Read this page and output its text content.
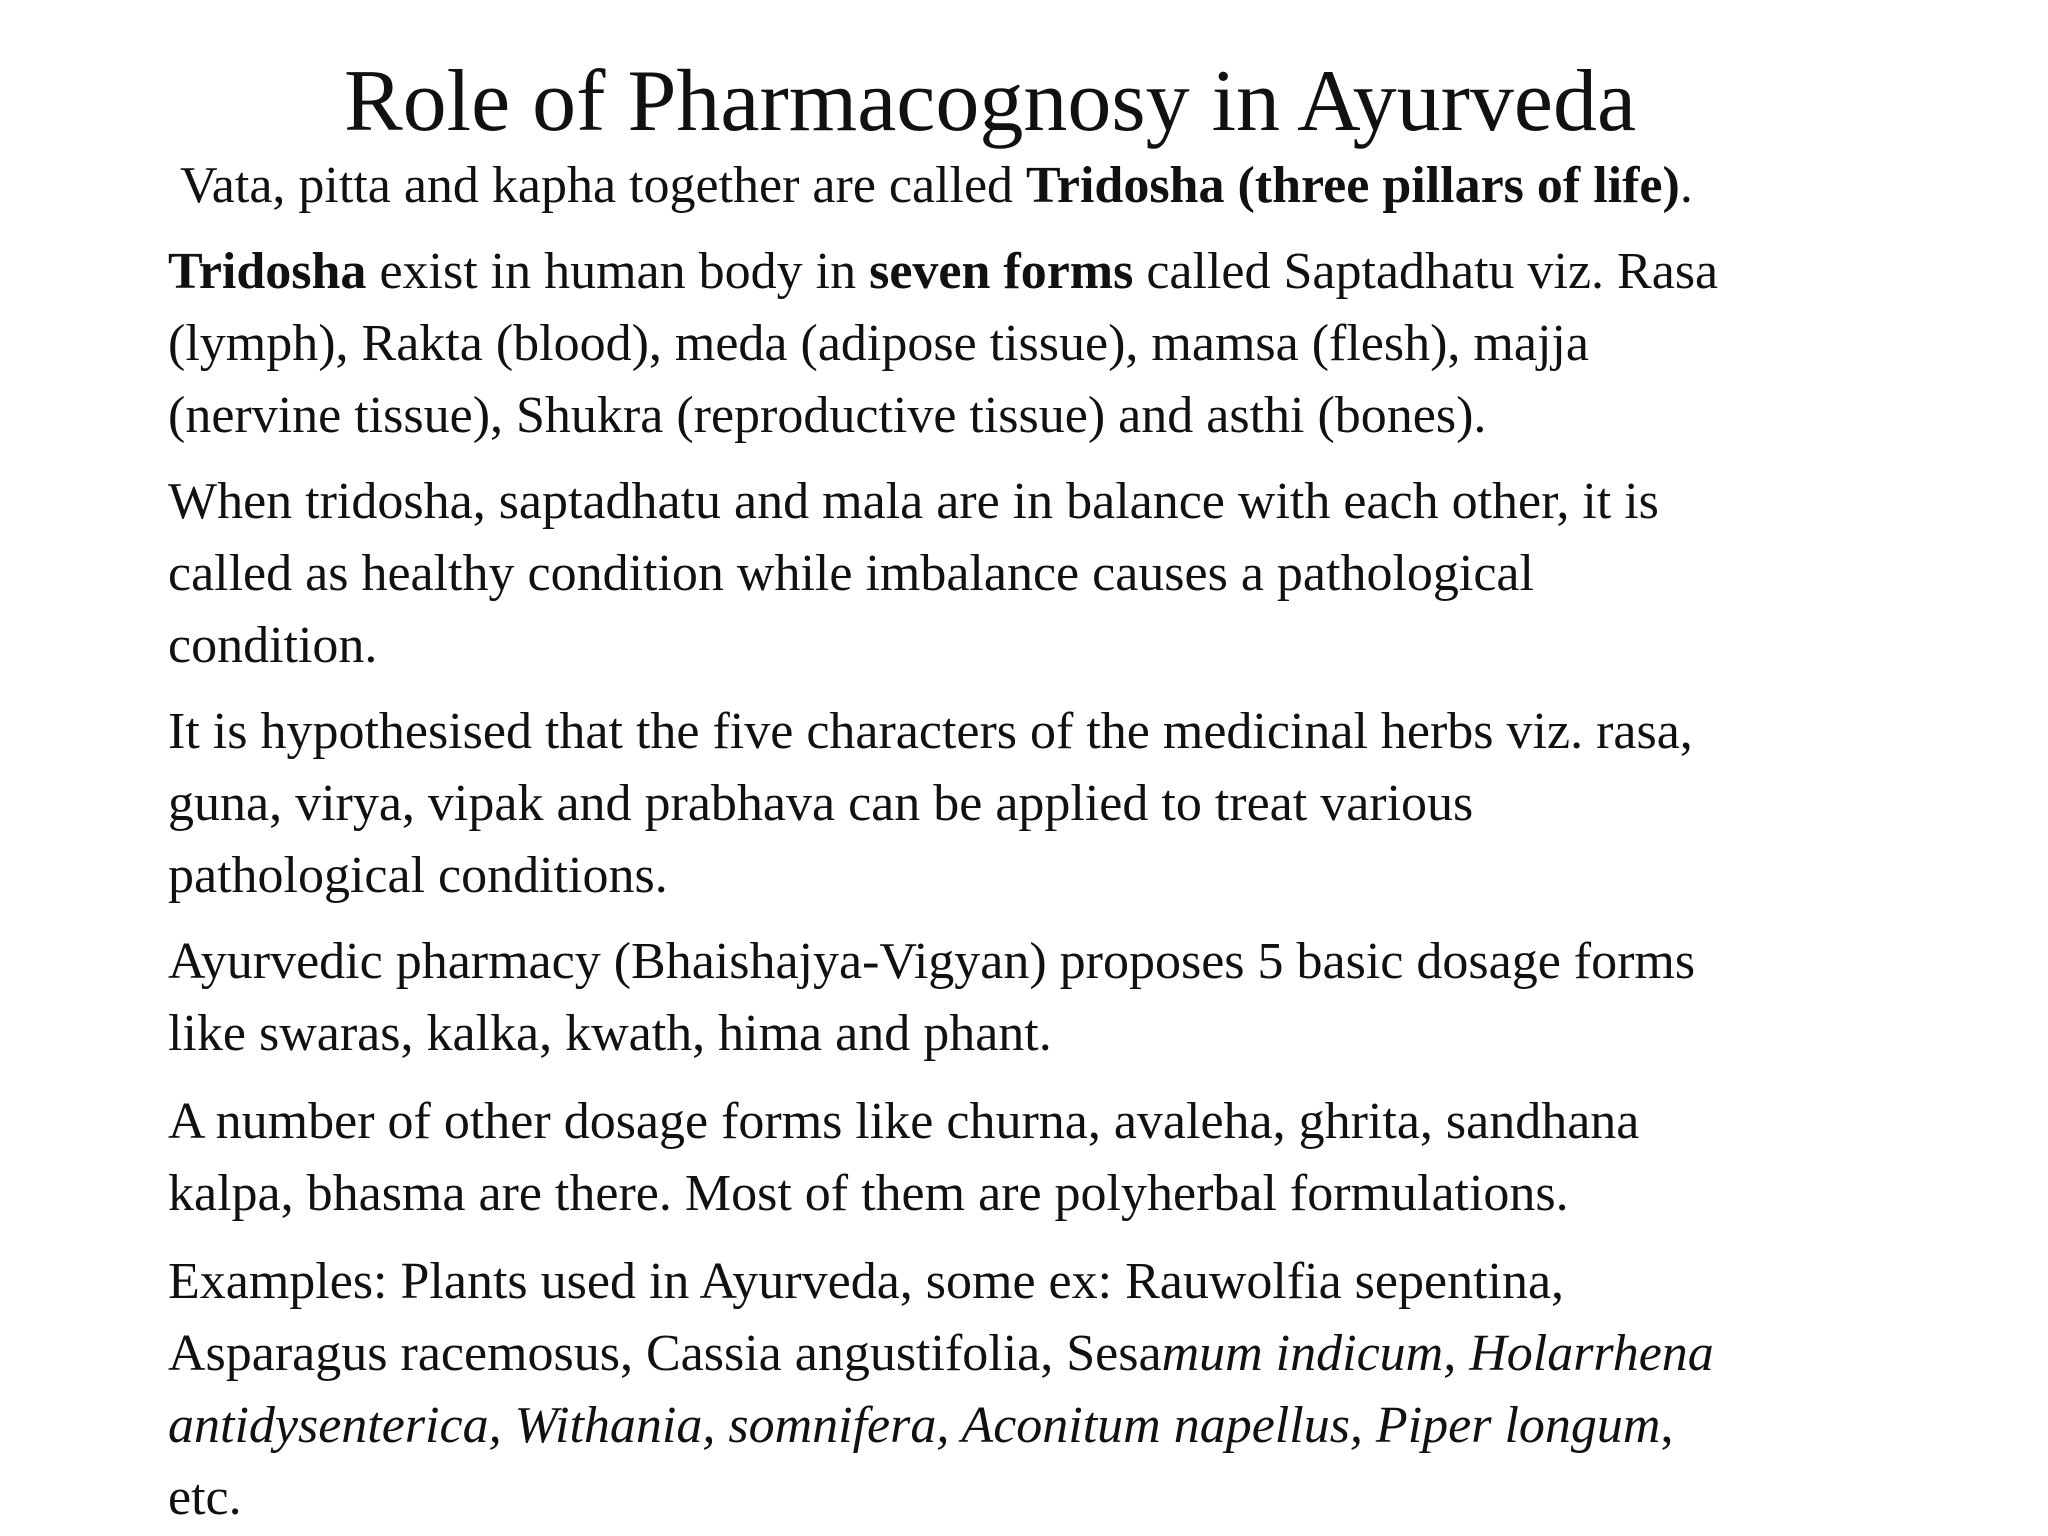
Role of Pharmacognosy in Ayurveda
Vata, pitta and kapha together are called Tridosha (three pillars of life).
Tridosha exist in human body in seven forms called Saptadhatu viz. Rasa
(lymph), Rakta (blood), meda (adipose tissue), mamsa (flesh), majja
(nervine tissue), Shukra (reproductive tissue) and asthi (bones).
When tridosha, saptadhatu and mala are in balance with each other, it is
called as healthy condition while imbalance causes a pathological
condition.
It is hypothesised that the five characters of the medicinal herbs viz. rasa,
guna, virya, vipak and prabhava can be applied to treat various
pathological conditions.
Ayurvedic pharmacy (Bhaishajya-Vigyan) proposes 5 basic dosage forms
like swaras, kalka, kwath, hima and phant.
A number of other dosage forms like churna, avaleha, ghrita, sandhana
kalpa, bhasma are there. Most of them are polyherbal formulations.
Examples: Plants used in Ayurveda, some ex: Rauwolfia sepentina,
Asparagus racemosus, Cassia angustifolia, Sesamum indicum, Holarrhena
antidysenterica, Withania, somnifera, Aconitum napellus, Piper longum,
etc.
